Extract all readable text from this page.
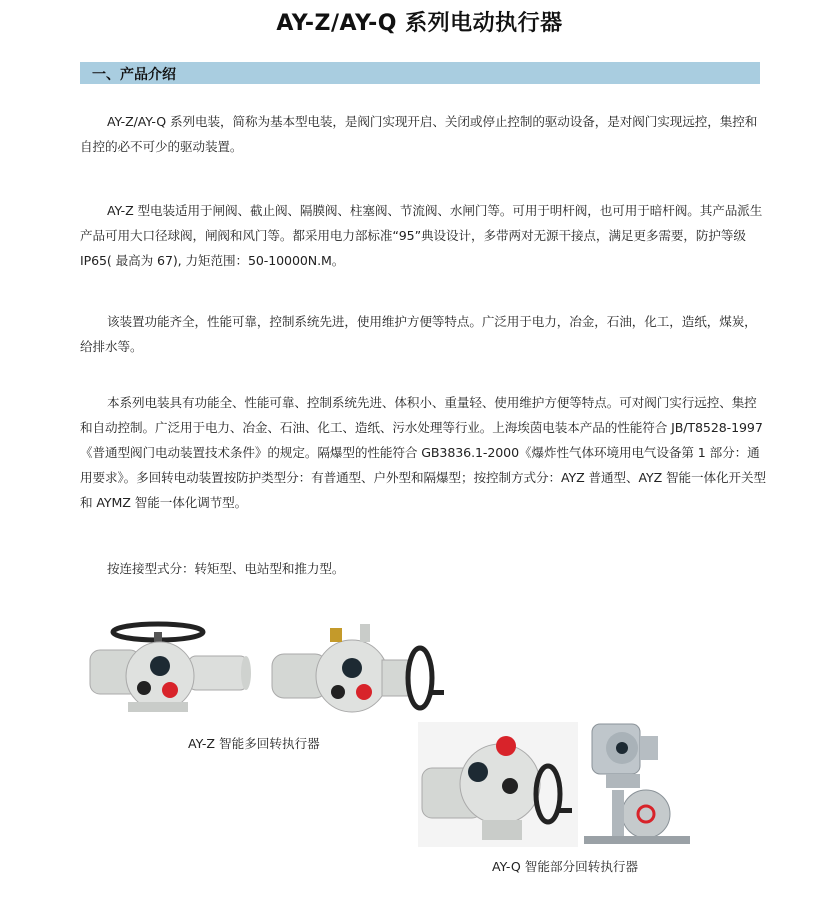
AY-Z/AY-Q 系列电动执行器
一、产品介绍

AY-Z/AY-Q 系列电装，简称为基本型电装，是阀门实现开启、关闭或停止控制的驱动设备，是对阀门实现远控，集控和自控的必不可少的驱动装置。

AY-Z 型电装适用于闸阀、截止阀、隔膜阀、柱塞阀、节流阀、水闸门等。可用于明杆阀，也可用于暗杆阀。其产品派生产品可用大口径球阀，闸阀和风门等。都采用电力部标准“95”典设设计，多带两对无源干接点，满足更多需要，防护等级 IP65( 最高为 67), 力矩范围：50-10000N.M。

该装置功能齐全，性能可靠，控制系统先进，使用维护方便等特点。广泛用于电力，冶金，石油，化工，造纸，煤炭，给排水等。

本系列电装具有功能全、性能可靠、控制系统先进、体积小、重量轻、使用维护方便等特点。可对阀门实行远控、集控和自动控制。广泛用于电力、冶金、石油、化工、造纸、污水处理等行业。上海埃茵电装本产品的性能符合 JB/T8528-1997《普通型阀门电动装置技术条件》的规定。隔爆型的性能符合 GB3836.1-2000《爆炸性气体环境用电气设备第 1 部分：通用要求》。多回转电动装置按防护类型分：有普通型、户外型和隔爆型；按控制方式分：AYZ 普通型、AYZ 智能一体化开关型和 AYMZ 智能一体化调节型。

按连接型式分：转矩型、电站型和推力型。

AY-Z 智能多回转执行器
AY-Q 智能部分回转执行器
